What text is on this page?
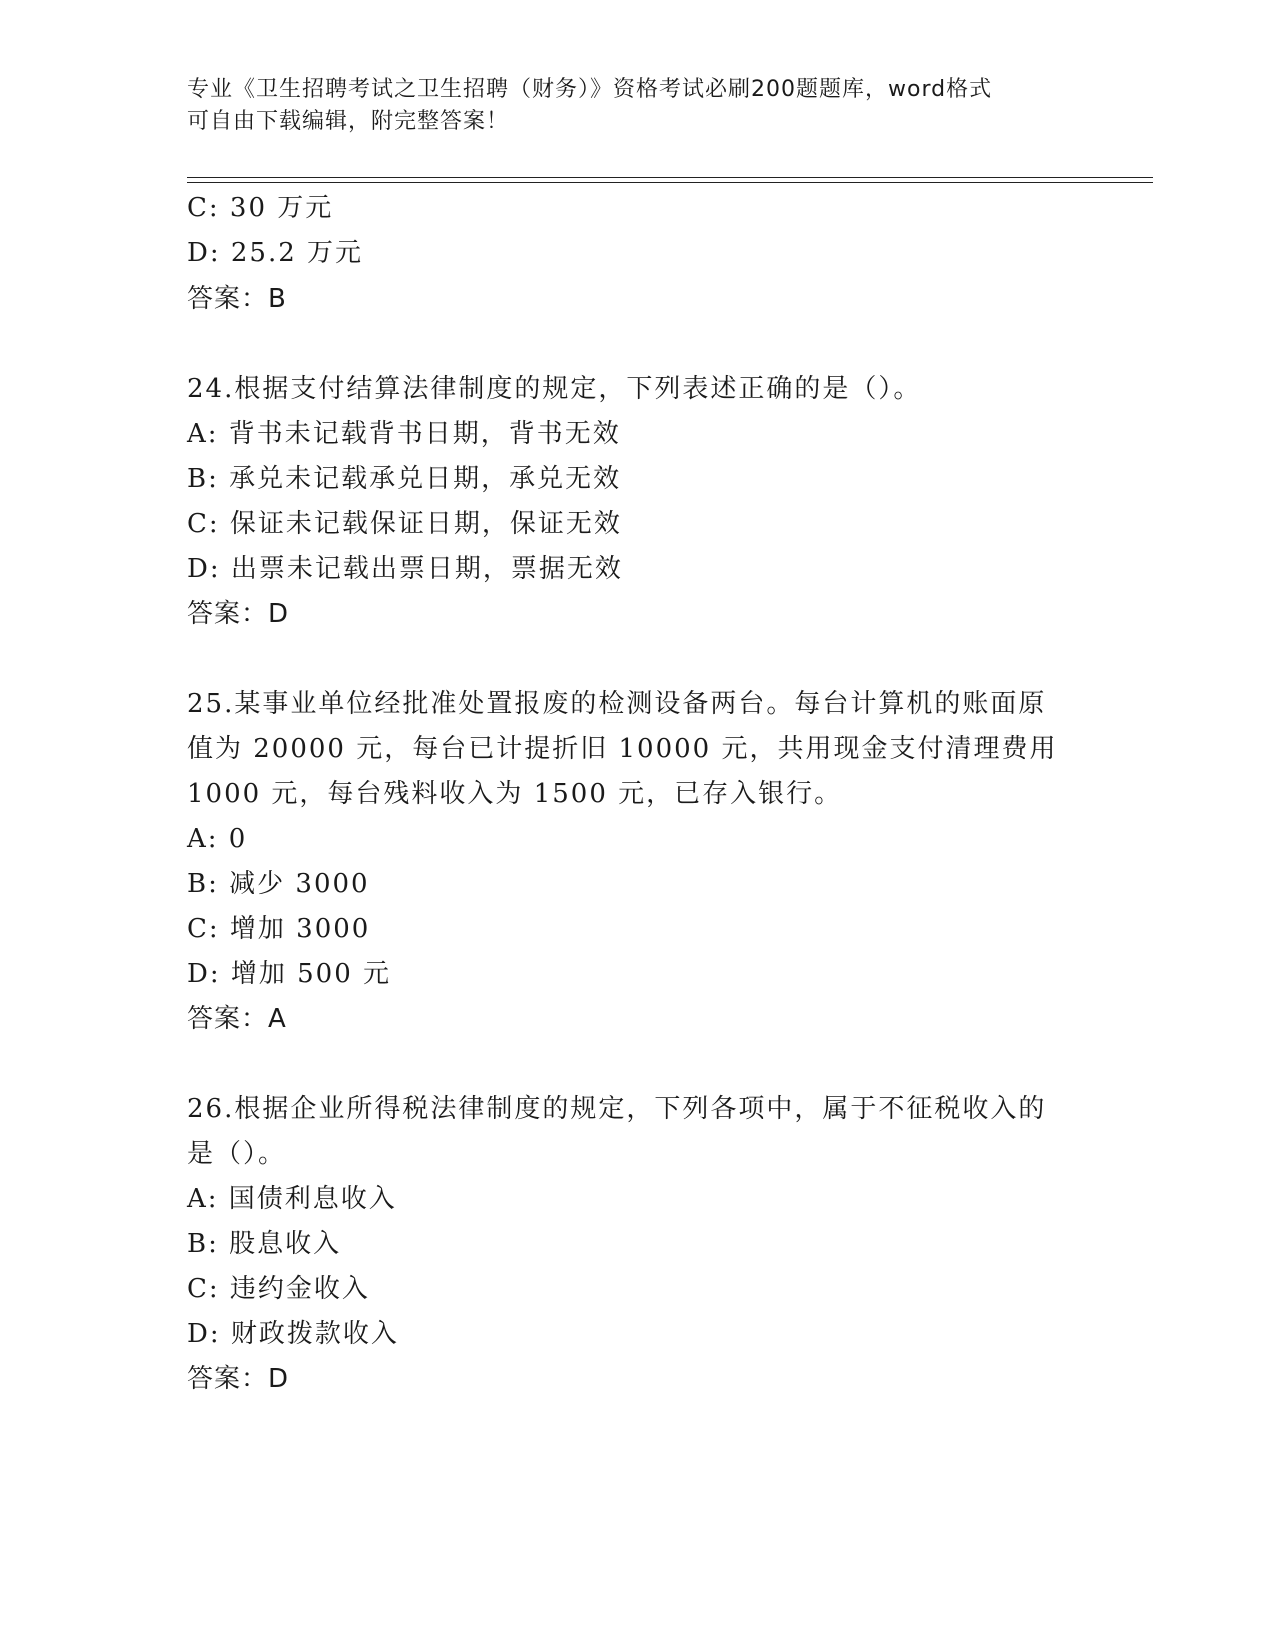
专业《卫生招聘考试之卫生招聘（财务）》资格考试必刷200题题库，word格式
可自由下载编辑，附完整答案！
C: 30 万元
D: 25.2 万元
答案：B
24.根据支付结算法律制度的规定，下列表述正确的是（）。
A: 背书未记载背书日期，背书无效
B: 承兑未记载承兑日期，承兑无效
C: 保证未记载保证日期，保证无效
D: 出票未记载出票日期，票据无效
答案：D
25.某事业单位经批准处置报废的检测设备两台。每台计算机的账面原
值为 20000 元，每台已计提折旧 10000 元，共用现金支付清理费用
1000 元，每台残料收入为 1500 元，已存入银行。
A: 0
B: 减少 3000
C: 增加 3000
D: 增加 500 元
答案：A
26.根据企业所得税法律制度的规定，下列各项中，属于不征税收入的
是（）。
A: 国债利息收入
B: 股息收入
C: 违约金收入
D: 财政拨款收入
答案：D
